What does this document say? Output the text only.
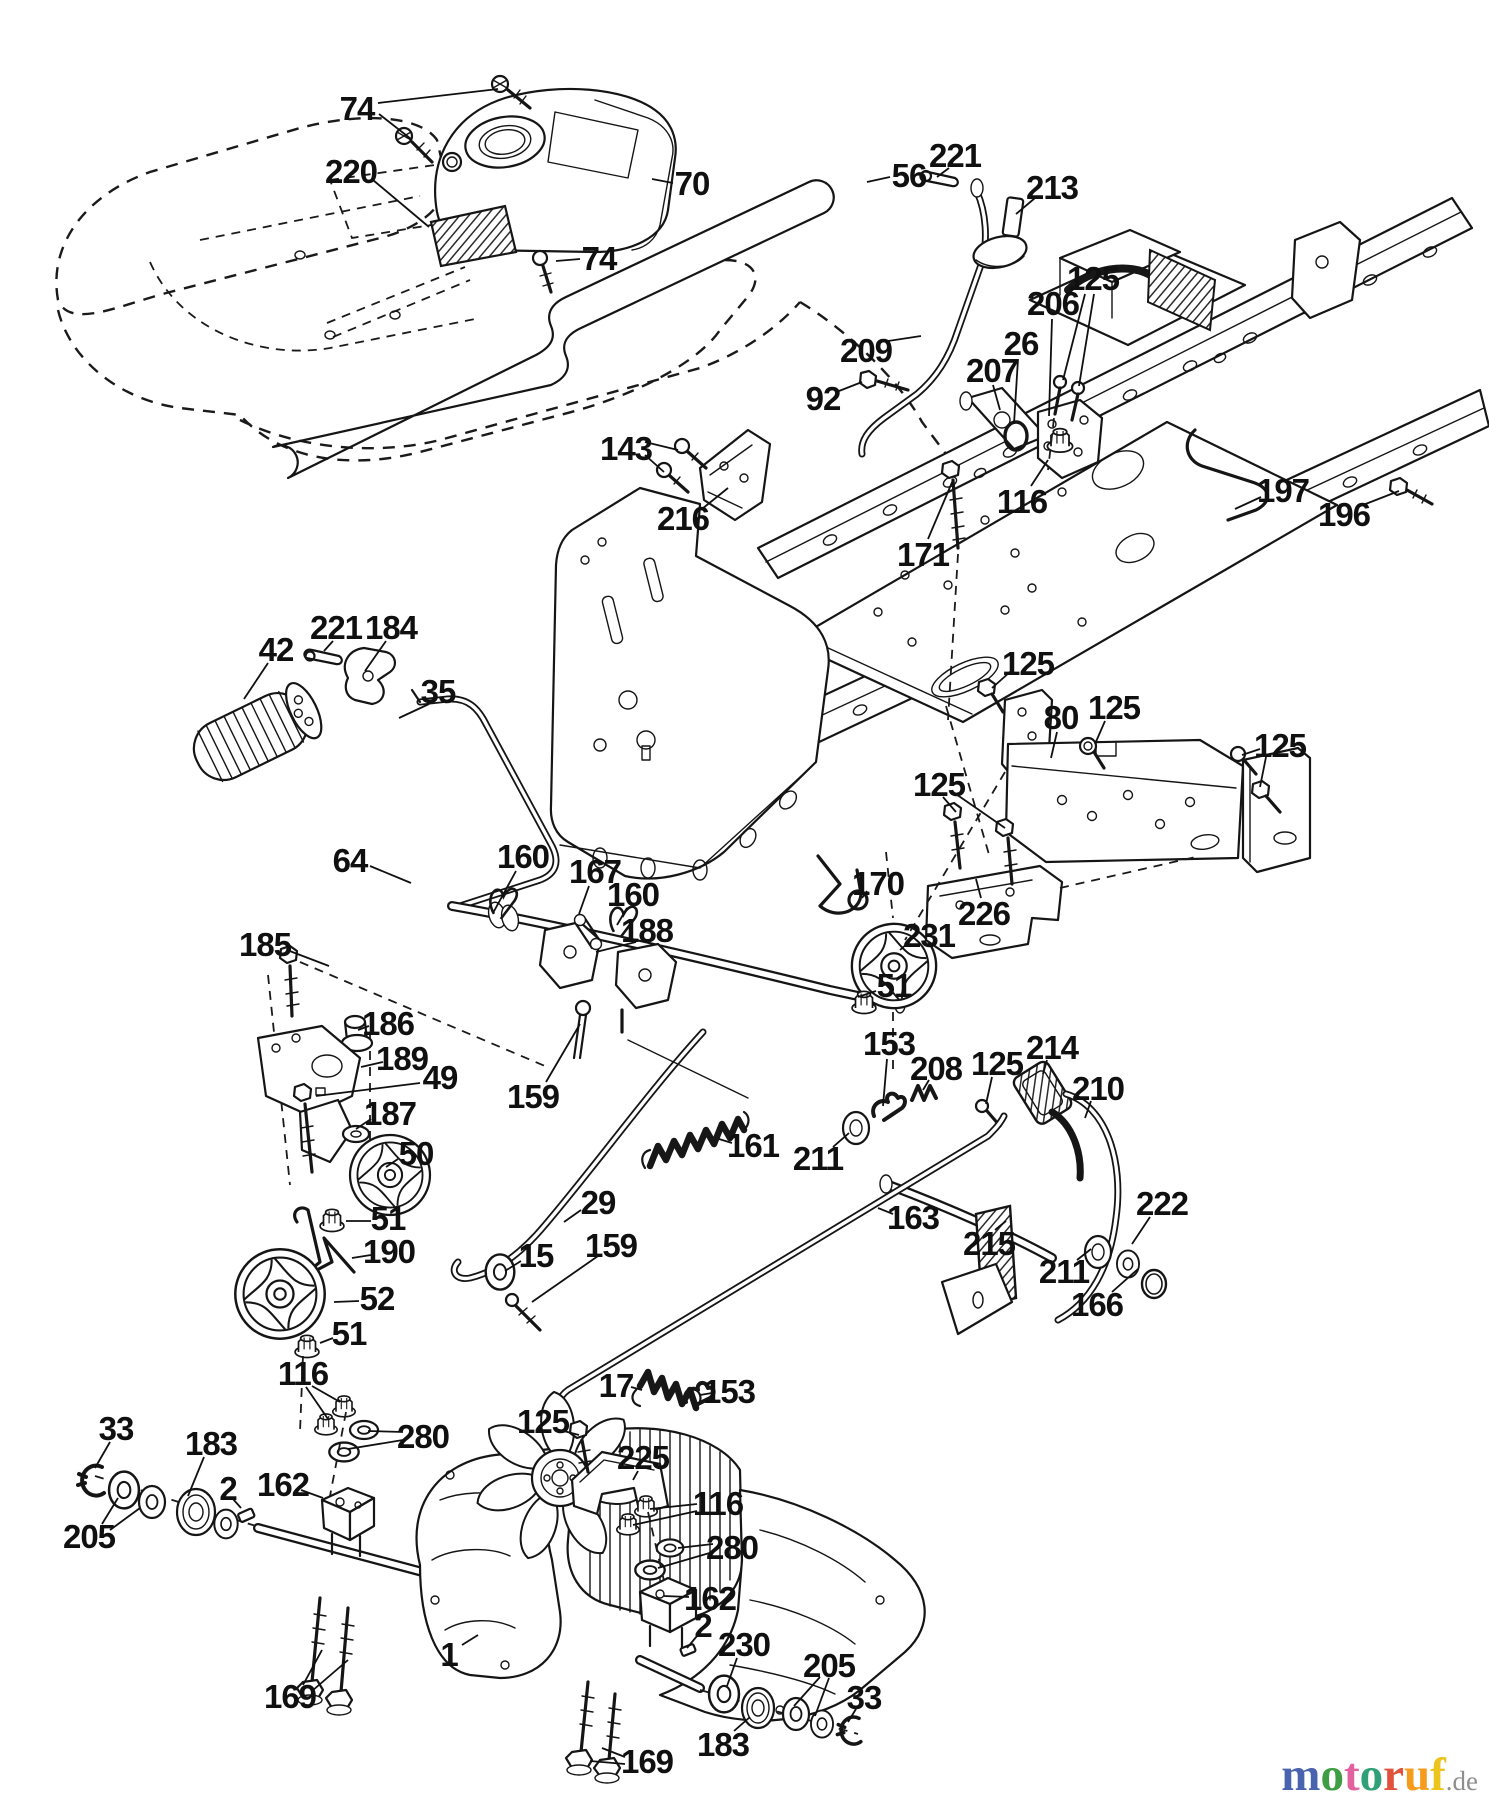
74
220	70
74
143
216
56
221
213
125
206
26
209
207
92
116
171
197
196
42
221 184
35
64	160 167
160
188
185
186
189
49
187
50
159
161 211
153
29
15 159
17 153
125
225
116
280
162
2
230
205
33
183
169
1
169
33 183
205
2 162
280
116
51
51
190
52
51
231
226
170
125
80 125
125
125
208 125 214
210
163
215
211
222
166
motoruf.de
